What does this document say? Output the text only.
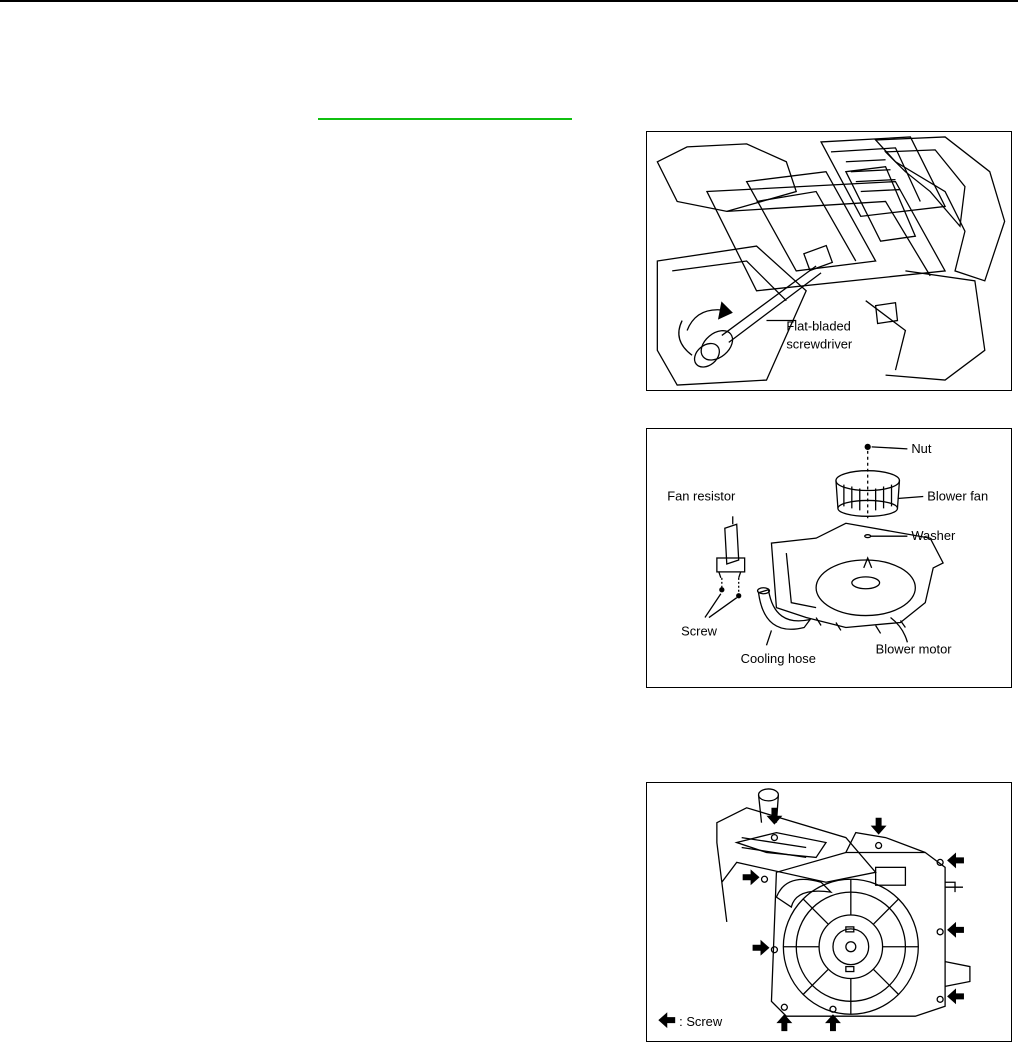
Flat-bladed
screwdriver
Nut
Blower fan
Washer
Fan resistor
Screw
Cooling hose
Blower motor
: Screw
